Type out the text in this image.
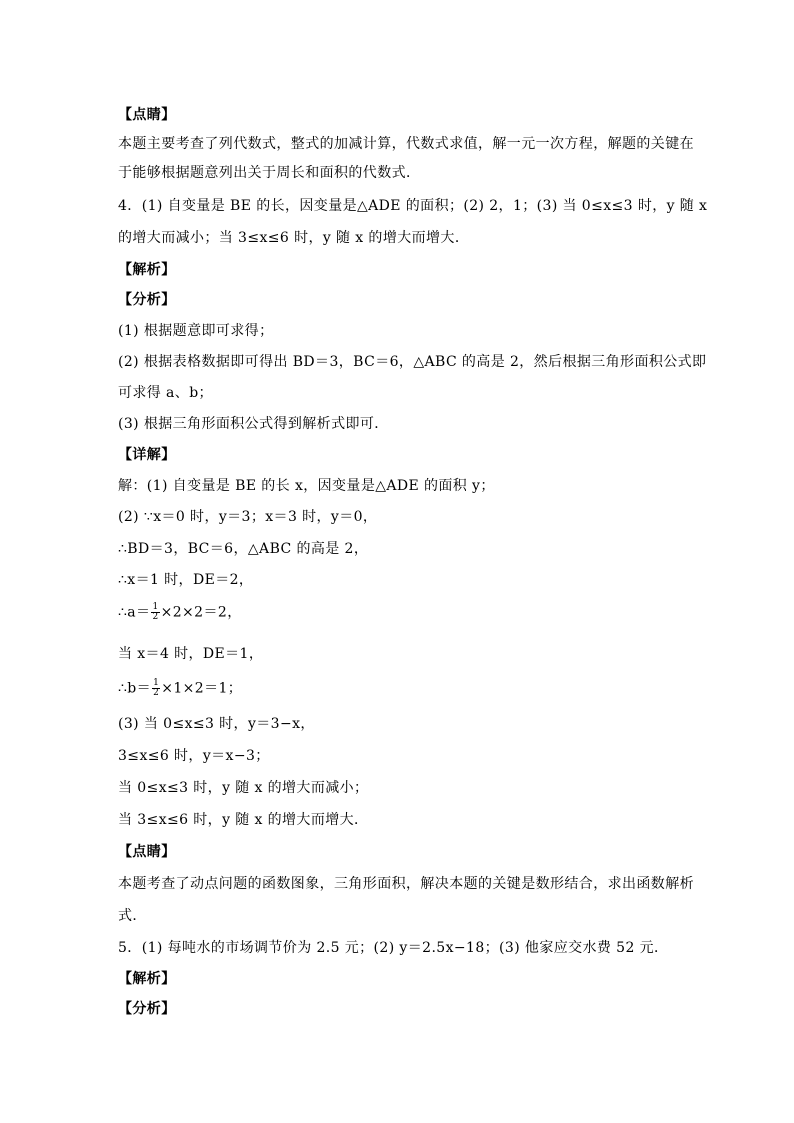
【点睛】
本题主要考查了列代数式，整式的加减计算，代数式求值，解一元一次方程，解题的关键在
于能够根据题意列出关于周长和面积的代数式．
4．(1) 自变量是 BE 的长，因变量是△ADE 的面积；(2) 2，1；(3) 当 0≤x≤3 时，y 随 x
的增大而减小；当 3≤x≤6 时，y 随 x 的增大而增大．
【解析】
【分析】
(1) 根据题意即可求得；
(2) 根据表格数据即可得出 BD＝3，BC＝6，△ABC 的高是 2，然后根据三角形面积公式即
可求得 a、b；
(3) 根据三角形面积公式得到解析式即可．
【详解】
解：(1) 自变量是 BE 的长 x，因变量是△ADE 的面积 y；
(2) ∵x＝0 时，y＝3；x＝3 时，y＝0，
∴BD＝3，BC＝6，△ABC 的高是 2，
∴x＝1 时，DE＝2，
∴a＝ $\frac{1}{2} \times 2\times 2=2$，
当 x＝4 时，DE＝1，
∴b＝ $\frac{1}{2} \times 1\times 2=1$；
(3) 当 0≤x≤3 时，y＝3−x，
3≤x≤6 时，y＝x−3；
当 0≤x≤3 时，y 随 x 的增大而减小；
当 3≤x≤6 时，y 随 x 的增大而增大．
【点睛】
本题考查了动点问题的函数图象，三角形面积，解决本题的关键是数形结合，求出函数解析
式．
5．(1) 每吨水的市场调节价为 2.5 元；(2) y＝2.5x−18；(3) 他家应交水费 52 元．
【解析】
【分析】
